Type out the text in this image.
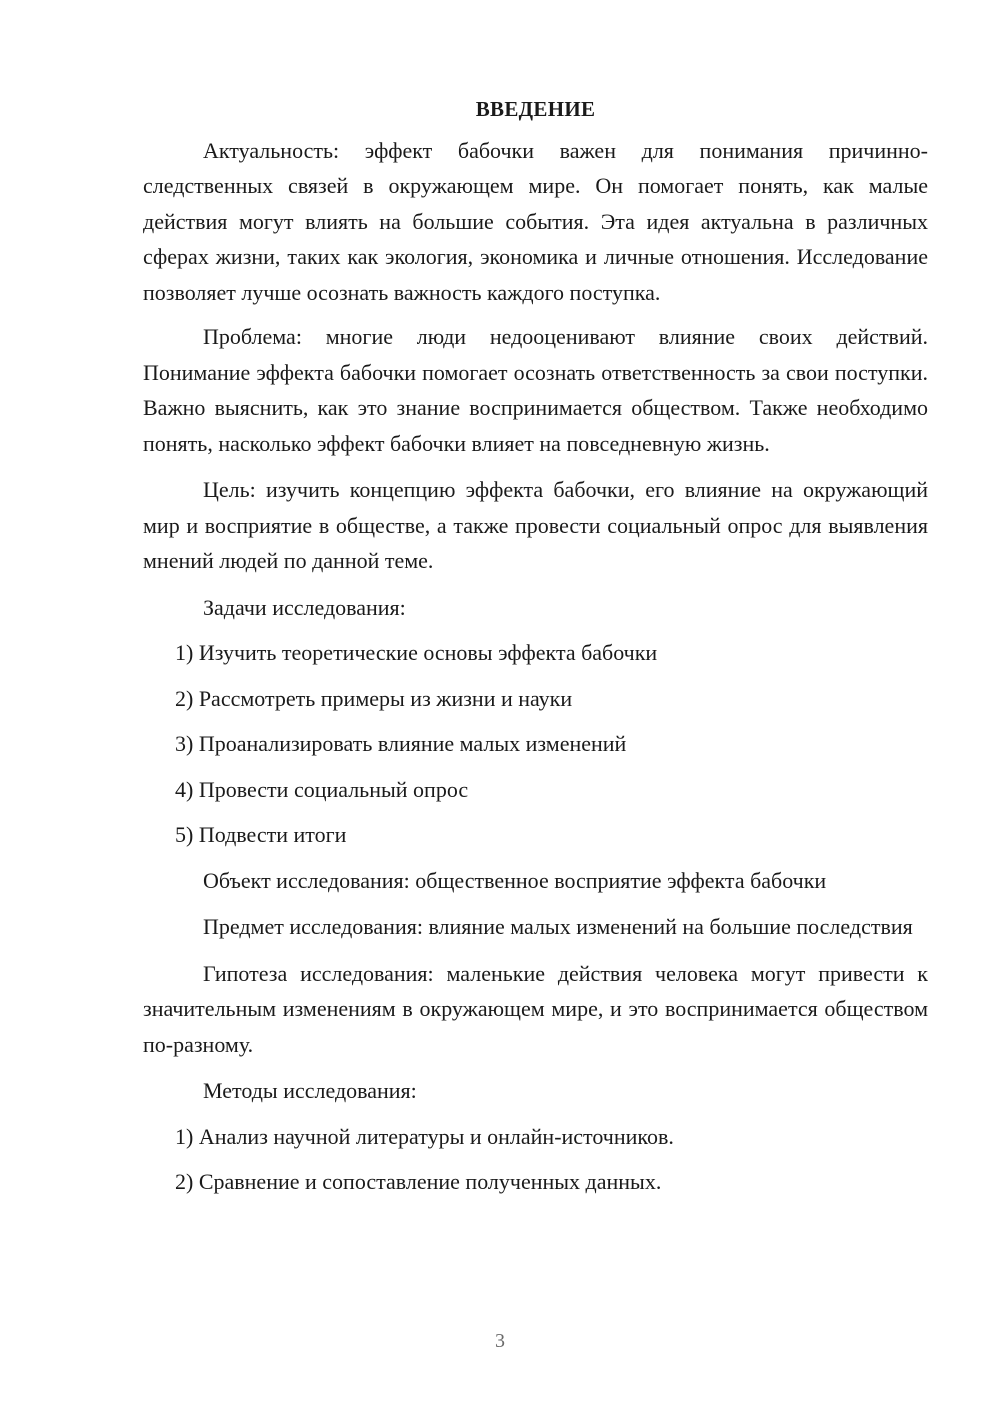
ВВЕДЕНИЕ

Актуальность: эффект бабочки важен для понимания причинно-следственных связей в окружающем мире. Он помогает понять, как малые действия могут влиять на большие события. Эта идея актуальна в различных сферах жизни, таких как экология, экономика и личные отношения. Исследование позволяет лучше осознать важность каждого поступка.

Проблема: многие люди недооценивают влияние своих действий. Понимание эффекта бабочки помогает осознать ответственность за свои поступки. Важно выяснить, как это знание воспринимается обществом. Также необходимо понять, насколько эффект бабочки влияет на повседневную жизнь.

Цель: изучить концепцию эффекта бабочки, его влияние на окружающий мир и восприятие в обществе, а также провести социальный опрос для выявления мнений людей по данной теме.

Задачи исследования:
1) Изучить теоретические основы эффекта бабочки
2) Рассмотреть примеры из жизни и науки
3) Проанализировать влияние малых изменений
4) Провести социальный опрос
5) Подвести итоги

Объект исследования: общественное восприятие эффекта бабочки

Предмет исследования: влияние малых изменений на большие последствия

Гипотеза исследования: маленькие действия человека могут привести к значительным изменениям в окружающем мире, и это воспринимается обществом по-разному.

Методы исследования:
1) Анализ научной литературы и онлайн-источников.
2) Сравнение и сопоставление полученных данных.
3
